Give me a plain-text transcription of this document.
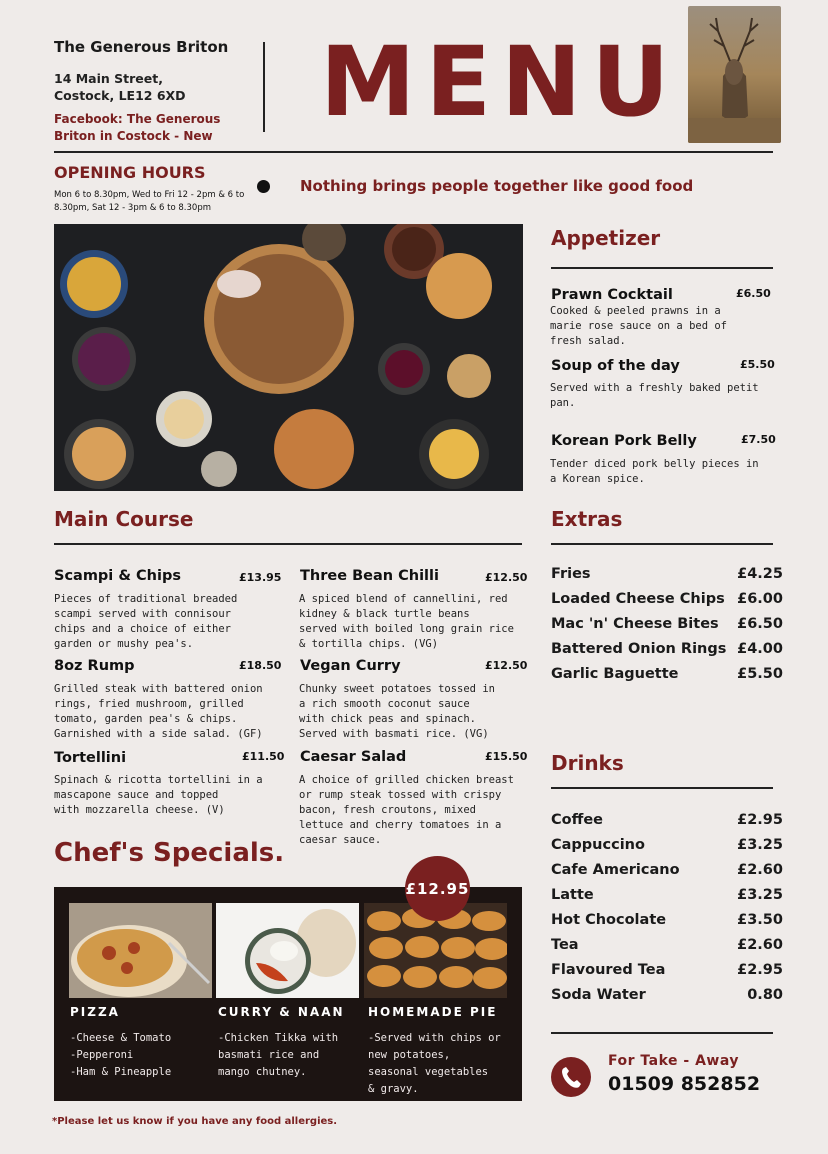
The Generous Briton
14 Main Street,
Costock, LE12 6XD
Facebook: The Generous
Briton in Costock - New	MENU
OPENING HOURS
Mon 6 to 8.30pm, Wed to Fri 12 - 2pm & 6 to
8.30pm, Sat 12 - 3pm & 6 to 8.30pm
Nothing brings people together like good food
Appetizer
Prawn Cocktail	£6.50
Cooked & peeled prawns in a
marie rose sauce on a bed of
fresh salad.
Soup of the day	£5.50
Served with a freshly baked petit
pan.
Korean Pork Belly	£7.50
Tender diced pork belly pieces in
a Korean spice.
Main Course
Scampi & Chips	£13.95
Pieces of traditional breaded
scampi served with connisour
chips and a choice of either
garden or mushy pea's.
8oz Rump	£18.50
Grilled steak with battered onion
rings, fried mushroom, grilled
tomato, garden pea's & chips.
Garnished with a side salad. (GF)
Tortellini	£11.50
Spinach & ricotta tortellini in a
mascapone sauce and topped
with mozzarella cheese. (V)
Three Bean Chilli	£12.50
A spiced blend of cannellini, red
kidney & black turtle beans
served with boiled long grain rice
& tortilla chips. (VG)
Vegan Curry	£12.50
Chunky sweet potatoes tossed in
a rich smooth coconut sauce
with chick peas and spinach.
Served with basmati rice. (VG)
Caesar Salad	£15.50
A choice of grilled chicken breast
or rump steak tossed with crispy
bacon, fresh croutons, mixed
lettuce and cherry tomatoes in a
caesar sauce.
Extras
Fries	£4.25
Loaded Cheese Chips £6.00
Mac 'n' Cheese Bites £6.50
Battered Onion Rings £4.00
Garlic Baguette	£5.50
Drinks
Coffee	£2.95
Cappuccino	£3.25
Cafe Americano	£2.60
Latte	£3.25
Hot Chocolate	£3.50
Tea	£2.60
Flavoured Tea	£2.95
Soda Water	0.80
Chef's Specials.
PIZZA	CURRY & NAAN HOMEMADE PIE
-Cheese & Tomato
-Pepperoni
-Ham & Pineapple
-Chicken Tikka with
basmati rice and
mango chutney.
-Served with chips or
new potatoes,
seasonal vegetables
& gravy.
£12.95
*Please let us know if you have any food allergies.
For Take - Away
01509 852852
